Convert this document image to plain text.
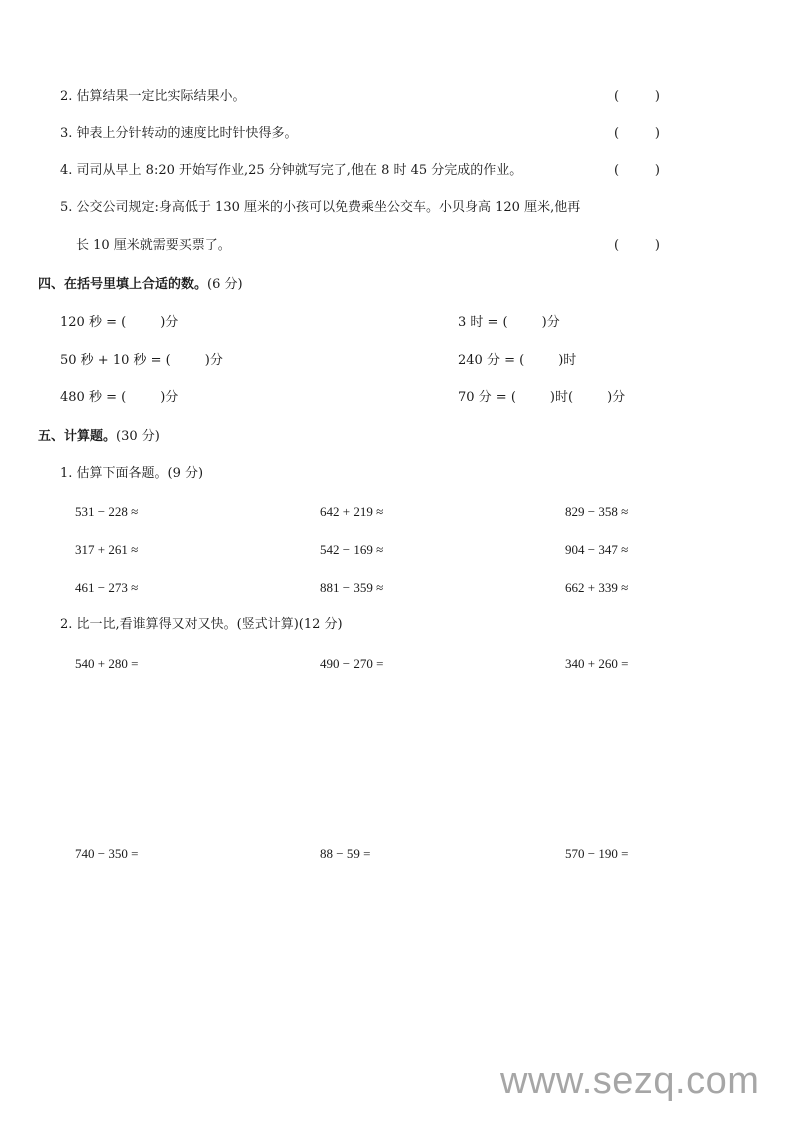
2. 估算结果一定比实际结果小。	(	)
3. 钟表上分针转动的速度比时针快得多。	(	)
4. 司司从早上 8:20 开始写作业,25 分钟就写完了,他在 8 时 45 分完成的作业。	(	)
5. 公交公司规定:身高低于 130 厘米的小孩可以免费乘坐公交车。小贝身高 120 厘米,他再
长 10 厘米就需要买票了。	(	)
四、在括号里填上合适的数。(6 分)
120 秒 = (	)分	3 时 = (	)分
50 秒 + 10 秒 = (	)分	240 分 = (	)时
480 秒 = (	)分	70 分 = (	)时(	)分
五、计算题。(30 分)
1. 估算下面各题。(9 分)
531 − 228 ≈	642 + 219 ≈	829 − 358 ≈
317 + 261 ≈	542 − 169 ≈	904 − 347 ≈
461 − 273 ≈	881 − 359 ≈	662 + 339 ≈
2. 比一比,看谁算得又对又快。(竖式计算)(12 分)
540 + 280 =	490 − 270 =	340 + 260 =
740 − 350 =	88 − 59 =	570 − 190 =
www.sezq.com
